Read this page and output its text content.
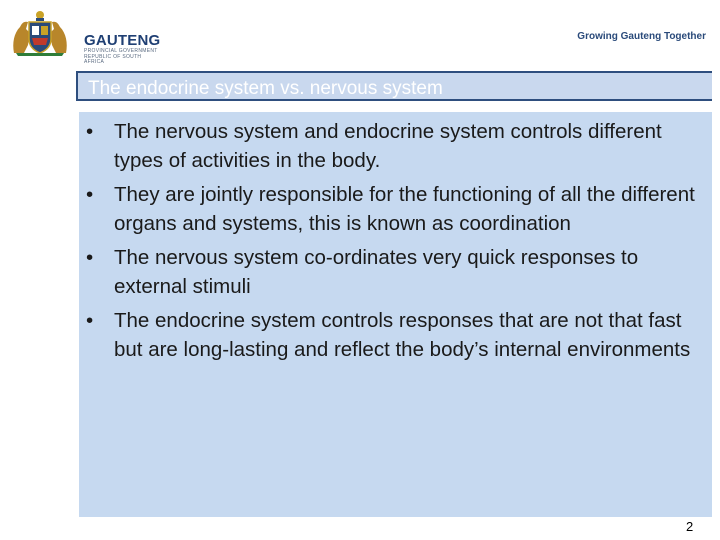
GAUTENG
PROVINCIAL GOVERNMENT
REPUBLIC OF SOUTH AFRICA
Growing Gauteng Together
The endocrine system vs. nervous system
• The nervous system and endocrine system controls different types of activities in the body.
• They are jointly responsible for the functioning of all the different organs and systems, this is known as coordination
• The nervous system co-ordinates very quick responses to external stimuli
• The endocrine system controls responses that are not that fast but are long-lasting and reflect the body’s internal environments
2
